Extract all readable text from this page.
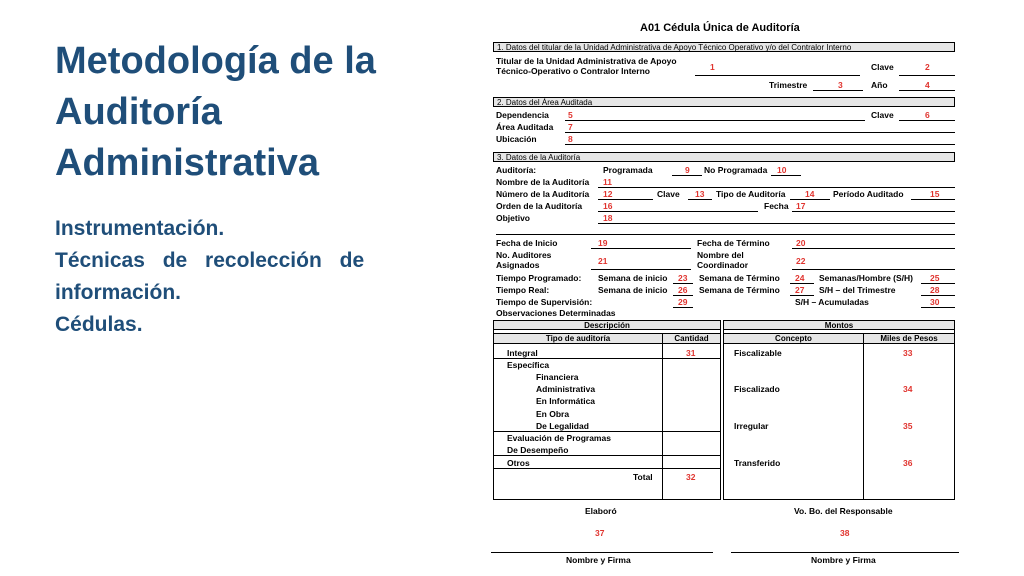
Metodología de la
Auditoría
Administrativa
Instrumentación.
Técnicas de recolección de
información.
Cédulas.
A01 Cédula Única de Auditoría
1. Datos del titular de la Unidad Administrativa de Apoyo Técnico Operativo y/o del Contralor Interno
Titular de la Unidad Administrativa de Apoyo
Técnico-Operativo o Contralor Interno	1	Clave	2
Trimestre	3	Año	4
2. Datos del Área Auditada
Dependencia 5	Clave	6
Área Auditada 7
Ubicación	8
3. Datos de la Auditoría
Auditoría:	Programada	9 No Programada 10
Nombre de la Auditoría 11
Número de la Auditoría 12	Clave 13 Tipo de Auditoría 14 Período Auditado	15
Orden de la Auditoría 16	Fecha 17
Objetivo	18
Fecha de Inicio	19	Fecha de Término	20
No. Auditores
Asignados	21
Nombre del
Coordinador	22
Tiempo Programado: Semana de inicio 23 Semana de Término 24 Semanas/Hombre (S/H) 25
Tiempo Real:	Semana de inicio 26 Semana de Término 27 S/H – del Trimestre	28
Tiempo de Supervisión:	29	S/H – Acumuladas	30
Observaciones Determinadas
Descripción
Tipo de auditoría	Cantidad
Integral	31
Específica
Financiera
Administrativa
En Informática
En Obra
De Legalidad
Evaluación de Programas
De Desempeño
Otros
Total	32
Montos
Concepto	Miles de Pesos
Fiscalizable	33
Fiscalizado	34
Irregular	35
Transferido	36
Elaboró	Vo. Bo. del Responsable
37	38
Nombre y Firma	Nombre y Firma
